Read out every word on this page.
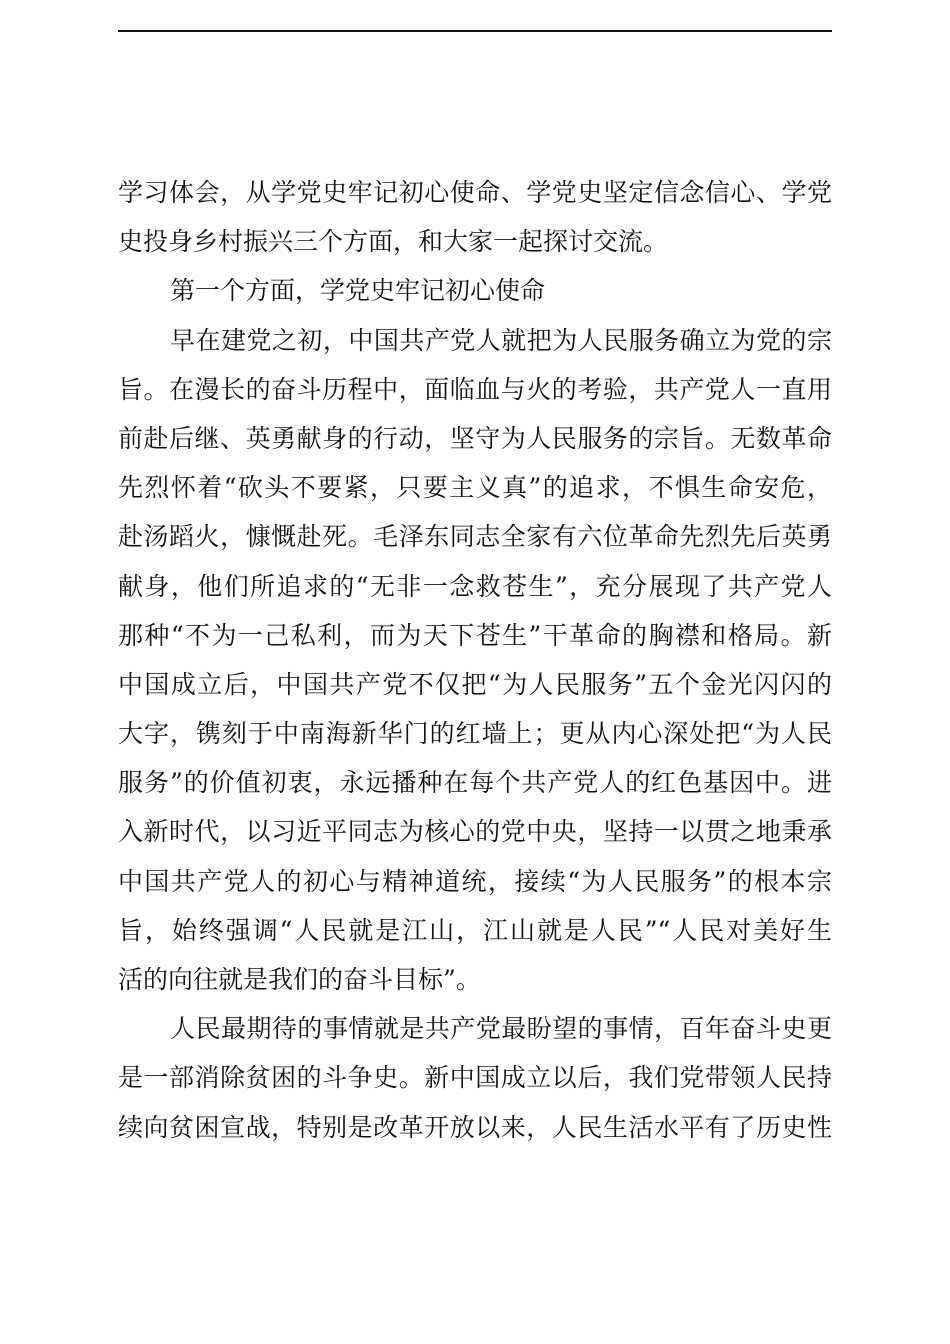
学习体会，从学党史牢记初心使命、学党史坚定信念信心、学党
史投身乡村振兴三个方面，和大家一起探讨交流。
第一个方面，学党史牢记初心使命
早在建党之初，中国共产党人就把为人民服务确立为党的宗
旨。在漫长的奋斗历程中，面临血与火的考验，共产党人一直用
前赴后继、英勇献身的行动，坚守为人民服务的宗旨。无数革命
先烈怀着“砍头不要紧，只要主义真”的追求，不惧生命安危，
赴汤蹈火，慷慨赴死。毛泽东同志全家有六位革命先烈先后英勇
献身，他们所追求的“无非一念救苍生”，充分展现了共产党人
那种“不为一己私利，而为天下苍生”干革命的胸襟和格局。新
中国成立后，中国共产党不仅把“为人民服务”五个金光闪闪的
大字，镌刻于中南海新华门的红墙上；更从内心深处把“为人民
服务”的价值初衷，永远播种在每个共产党人的红色基因中。进
入新时代，以习近平同志为核心的党中央，坚持一以贯之地秉承
中国共产党人的初心与精神道统，接续“为人民服务”的根本宗
旨，始终强调“人民就是江山，江山就是人民”“人民对美好生
活的向往就是我们的奋斗目标”。
人民最期待的事情就是共产党最盼望的事情，百年奋斗史更
是一部消除贫困的斗争史。新中国成立以后，我们党带领人民持
续向贫困宣战，特别是改革开放以来，人民生活水平有了历史性
